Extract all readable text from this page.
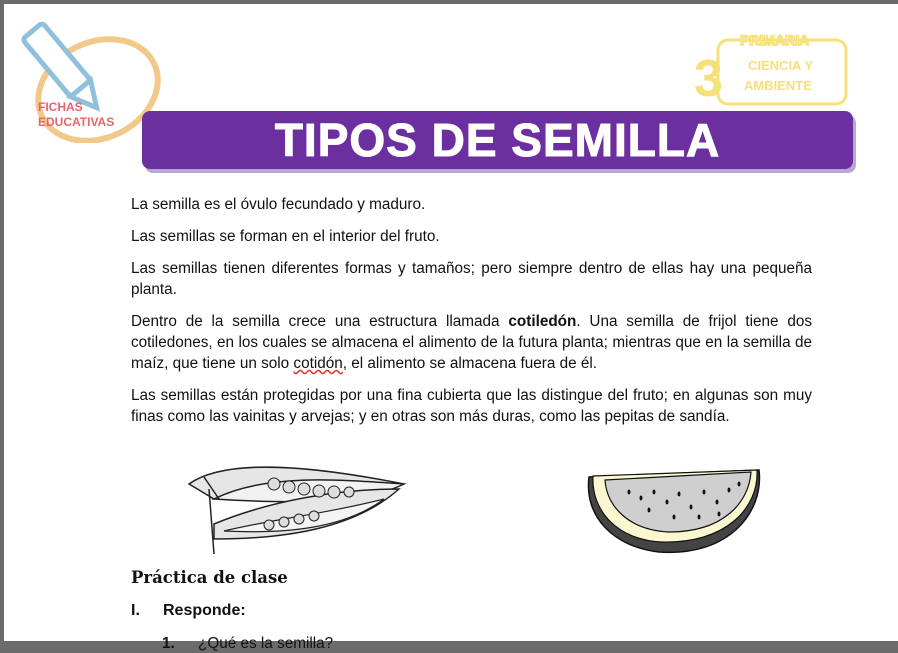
FICHAS
EDUCATIVAS
3
PRIMARIA
CIENCIA Y
AMBIENTE
TIPOS DE SEMILLA

La semilla es el óvulo fecundado y maduro.

Las semillas se forman en el interior del fruto.

Las semillas tienen diferentes formas y tamaños; pero siempre dentro de ellas hay una pequeña planta.

Dentro de la semilla crece una estructura llamada cotiledón. Una semilla de frijol tiene dos cotiledones, en los cuales se almacena el alimento de la futura planta; mientras que en la semilla de maíz, que tiene un solo cotidón, el alimento se almacena fuera de él.

Las semillas están protegidas por una fina cubierta que las distingue del fruto; en algunas son muy finas como las vainitas y arvejas; y en otras son más duras, como las pepitas de sandía.

Práctica de clase
I. Responde:
1. ¿Qué es la semilla?
